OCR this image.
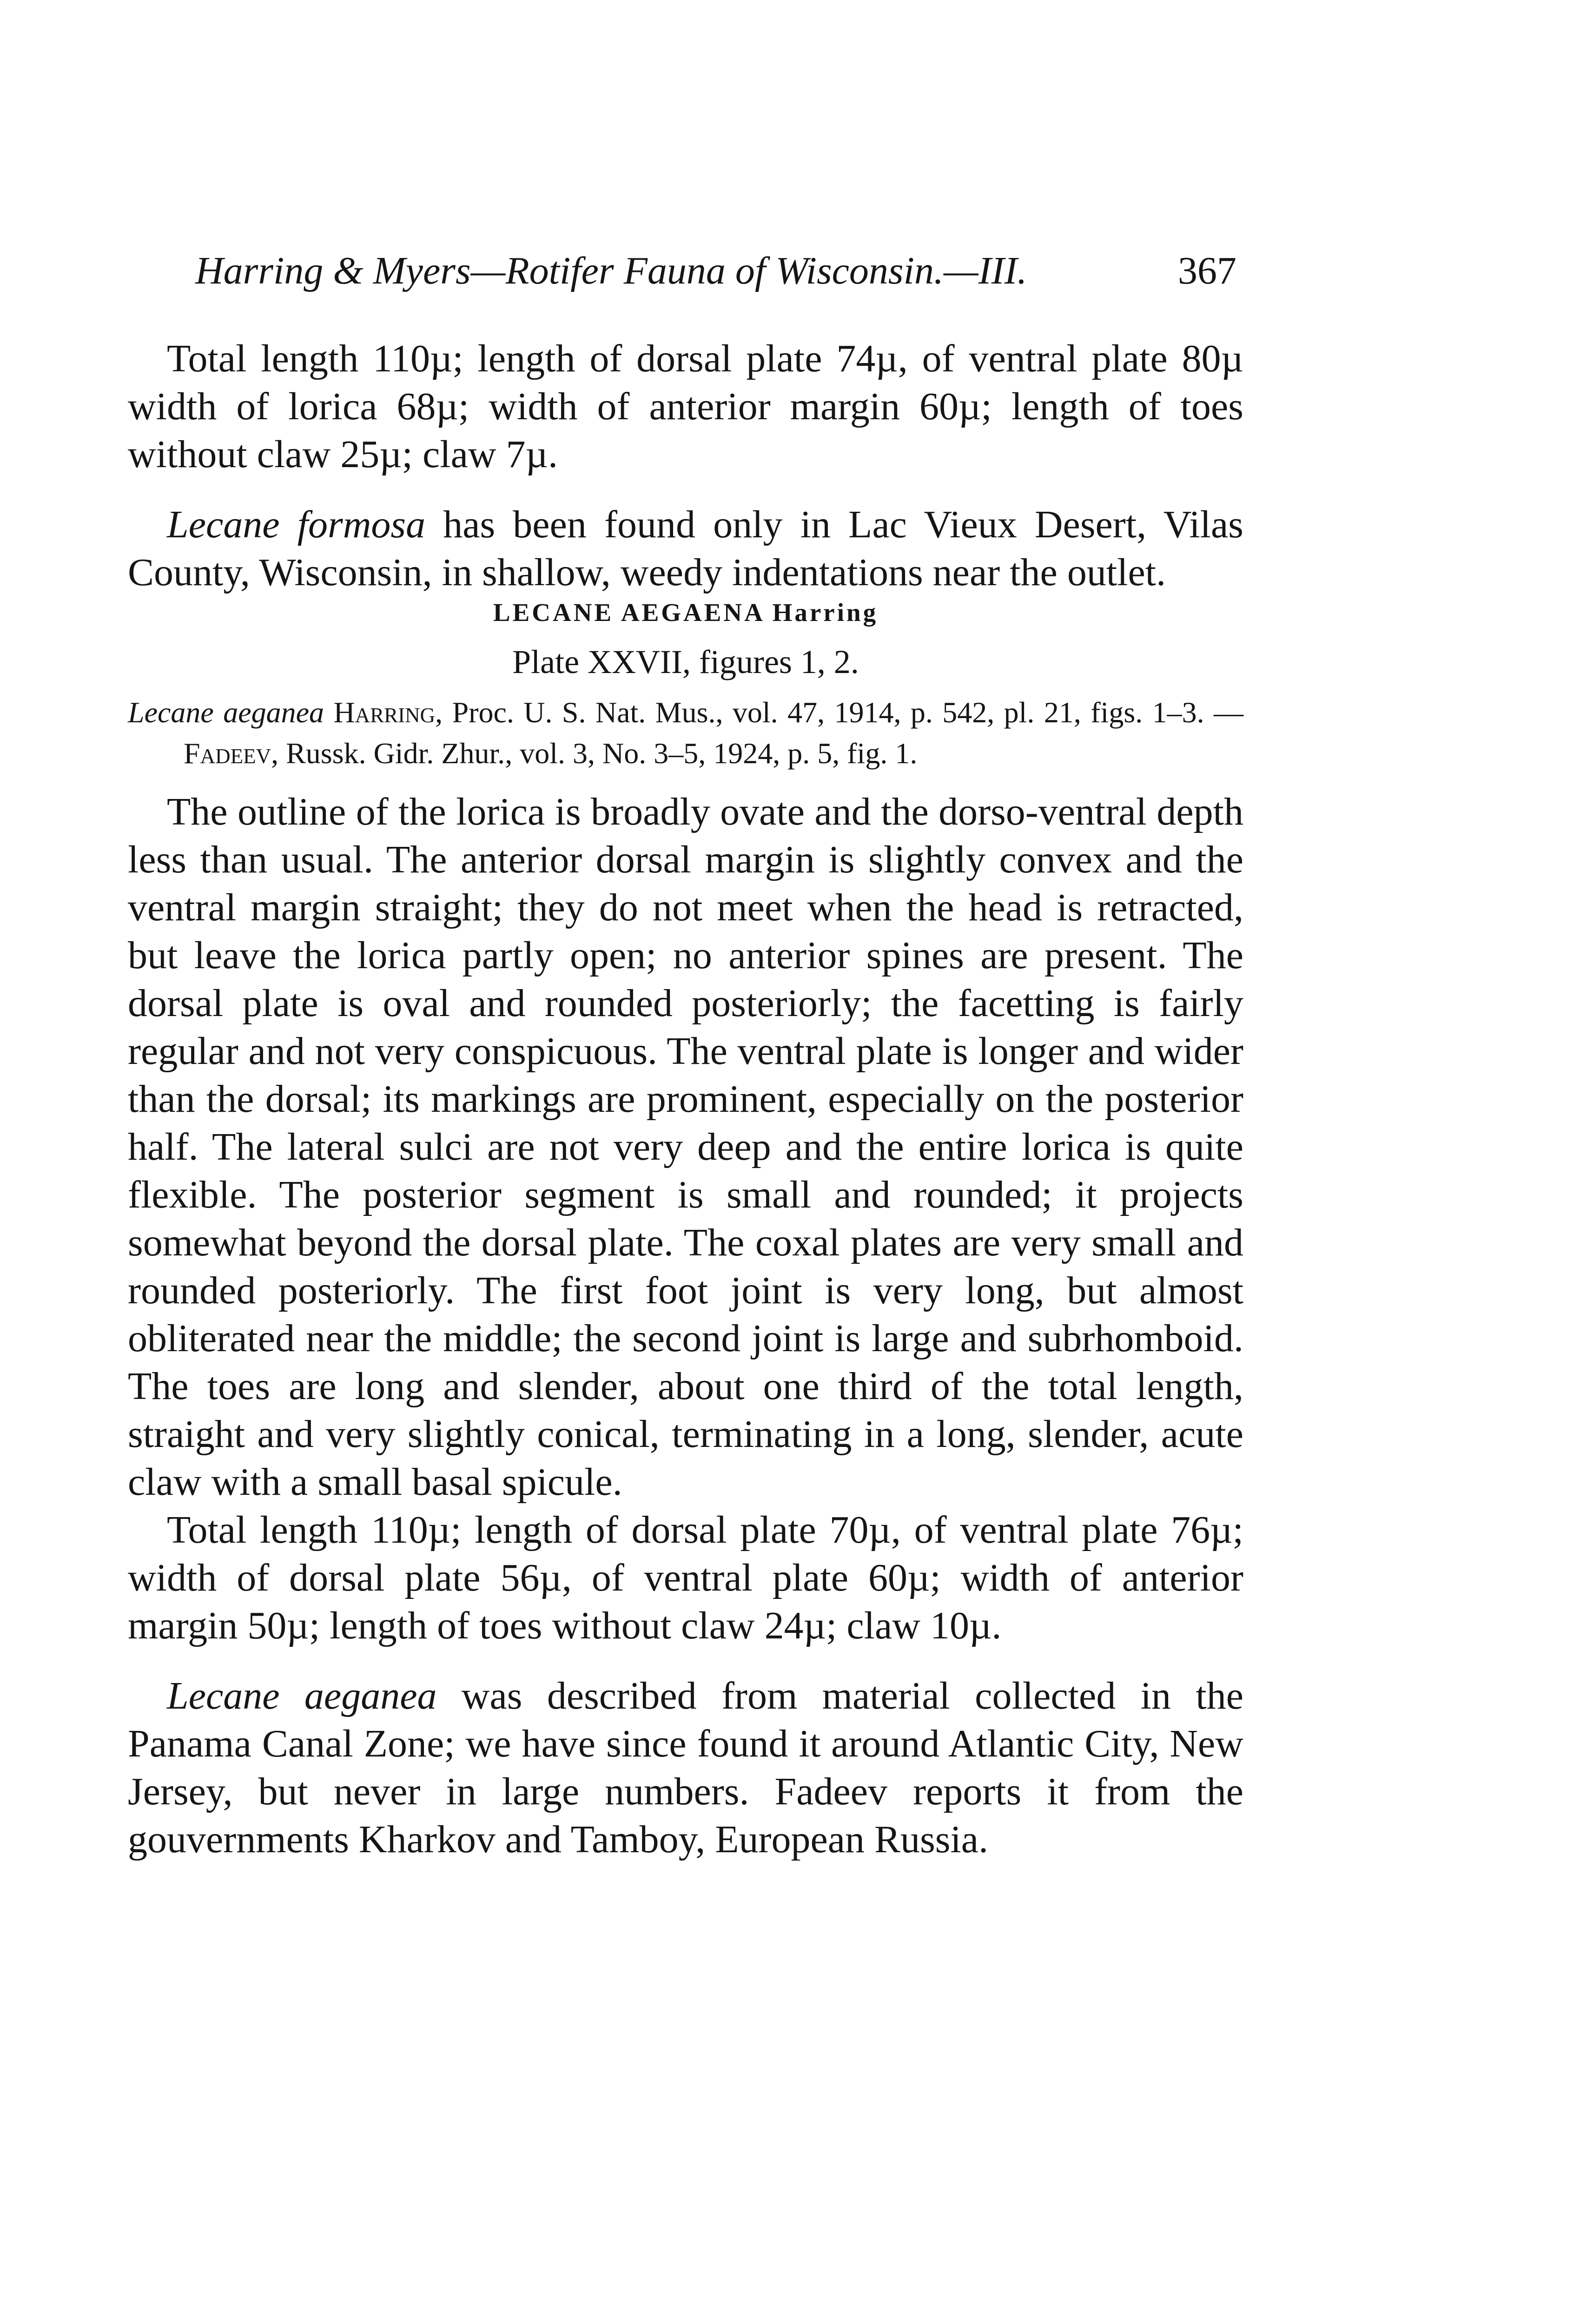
Harring & Myers—Rotifer Fauna of Wisconsin.—III.	367

Total length 110µ; length of dorsal plate 74µ, of ventral plate 80µ width of lorica 68µ; width of anterior margin 60µ; length of toes without claw 25µ; claw 7µ.

Lecane formosa has been found only in Lac Vieux Desert, Vilas County, Wisconsin, in shallow, weedy indentations near the outlet.

LECANE AEGAENA Harring
Plate XXVII, figures 1, 2.

Lecane aeganea Harring, Proc. U. S. Nat. Mus., vol. 47, 1914, p. 542, pl. 21, figs. 1–3. —Fadeev, Russk. Gidr. Zhur., vol. 3, No. 3–5, 1924, p. 5, fig. 1.

The outline of the lorica is broadly ovate and the dorso-ventral depth less than usual. The anterior dorsal margin is slightly convex and the ventral margin straight; they do not meet when the head is retracted, but leave the lorica partly open; no anterior spines are present. The dorsal plate is oval and rounded posteriorly; the facetting is fairly regular and not very conspicuous. The ventral plate is longer and wider than the dorsal; its markings are prominent, especially on the posterior half. The lateral sulci are not very deep and the entire lorica is quite flexible. The posterior segment is small and rounded; it projects somewhat beyond the dorsal plate. The coxal plates are very small and rounded posteriorly. The first foot joint is very long, but almost obliterated near the middle; the second joint is large and subrhomboid. The toes are long and slender, about one third of the total length, straight and very slightly conical, terminating in a long, slender, acute claw with a small basal spicule.

Total length 110µ; length of dorsal plate 70µ, of ventral plate 76µ; width of dorsal plate 56µ, of ventral plate 60µ; width of anterior margin 50µ; length of toes without claw 24µ; claw 10µ.

Lecane aeganea was described from material collected in the Panama Canal Zone; we have since found it around Atlantic City, New Jersey, but never in large numbers. Fadeev reports it from the gouvernments Kharkov and Tamboy, European Russia.
